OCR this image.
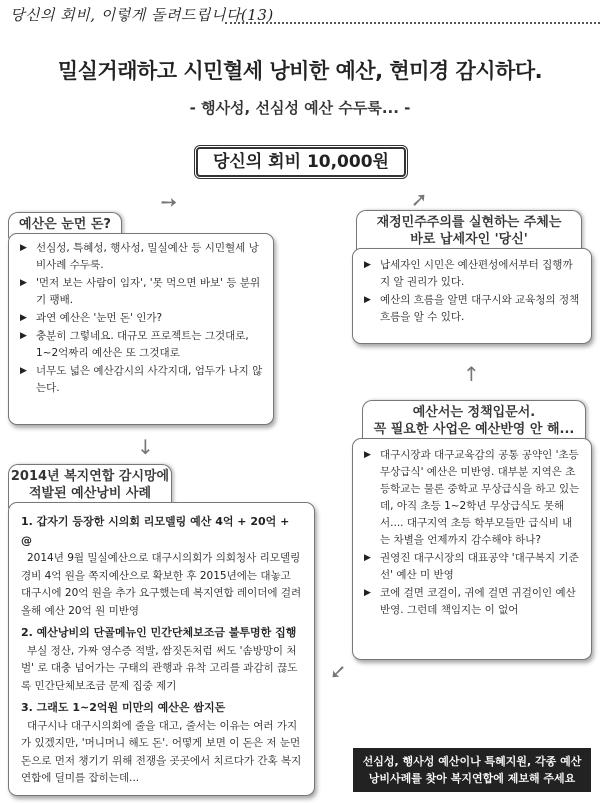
당신의 회비, 이렇게 돌려드립니다(13)
밀실거래하고 시민혈세 낭비한 예산, 현미경 감시하다.
- 행사성, 선심성 예산 수두룩... -
당신의 회비 10,000원
➘	➘
↓
↑
➘
예산은 눈먼 돈?
▶ 선심성, 특혜성, 행사성, 밀실예산 등 시민혈세 낭비사례 수두룩.
▶ '먼저 보는 사람이 임자', '못 먹으면 바보' 등 분위기 팽배.
▶ 과연 예산은 '눈먼 돈' 인가?
▶ 충분히 그렇네요. 대규모 프로젝트는 그것대로, 1~2억짜리 예산은 또 그것대로
▶ 너무도 넓은 예산감시의 사각지대, 엄두가 나지 않는다.
2014년 복지연합 감시망에
적발된 예산낭비 사례
1. 갑자기 등장한 시의회 리모델링 예산 4억 + 20억 + @
2014년 9월 밀실예산으로 대구시의회가 의회청사 리모델링 경비 4억 원을 쪽지예산으로 확보한 후 2015년에는 대놓고 대구시에 20억 원을 추가 요구했는데 복지연합 레이더에 걸려 올해 예산 20억 원 미반영
2. 예산낭비의 단골메뉴인 민간단체보조금 불투명한 집행
부실 정산, 가짜 영수증 적발, 쌈짓돈처럼 써도 '솜방망이 처벌' 로 대충 넘어가는 구태의 관행과 유착 고리를 과감히 끊도록 민간단체보조금 문제 집중 제기
3. 그래도 1~2억원 미만의 예산은 쌈지돈
대구시나 대구시의회에 줄을 대고, 줄서는 이유는 여러 가지가 있겠지만, '머니머니 해도 돈'. 어떻게 보면 이 돈은 저 눈먼 돈으로 먼저 챙기기 위해 전쟁을 곳곳에서 치르다가 간혹 복지연합에 딜미를 잡히는데...
재정민주주의를 실현하는 주체는
바로 납세자인 '당신'
▶ 납세자인 시민은 예산편성에서부터 집행까지 알 권리가 있다.
▶ 예산의 흐름을 알면 대구시와 교육청의 정책흐름을 알 수 있다.
예산서는 정책입문서.
꼭 필요한 사업은 예산반영 안 해...
▶ 대구시장과 대구교육감의 공통 공약인 '초등 무상급식' 예산은 미반영. 대부분 지역은 초등학교는 물론 중학교 무상급식을 하고 있는데, 아직 초등 1~2학년 무상급식도 못해서.... 대구지역 초등 학부모들만 급식비 내는 차별을 언제까지 감수해야 하나?
▶ 권영진 대구시장의 대표공약 '대구복지 기준선' 예산 미 반영
▶ 코에 걸면 코걸이, 귀에 걸면 귀걸이인 예산반영. 그런데 책임지는 이 없어
선심성, 행사성 예산이나 특혜지원, 각종 예산 낭비사례를 찾아 복지연합에 제보해 주세요
